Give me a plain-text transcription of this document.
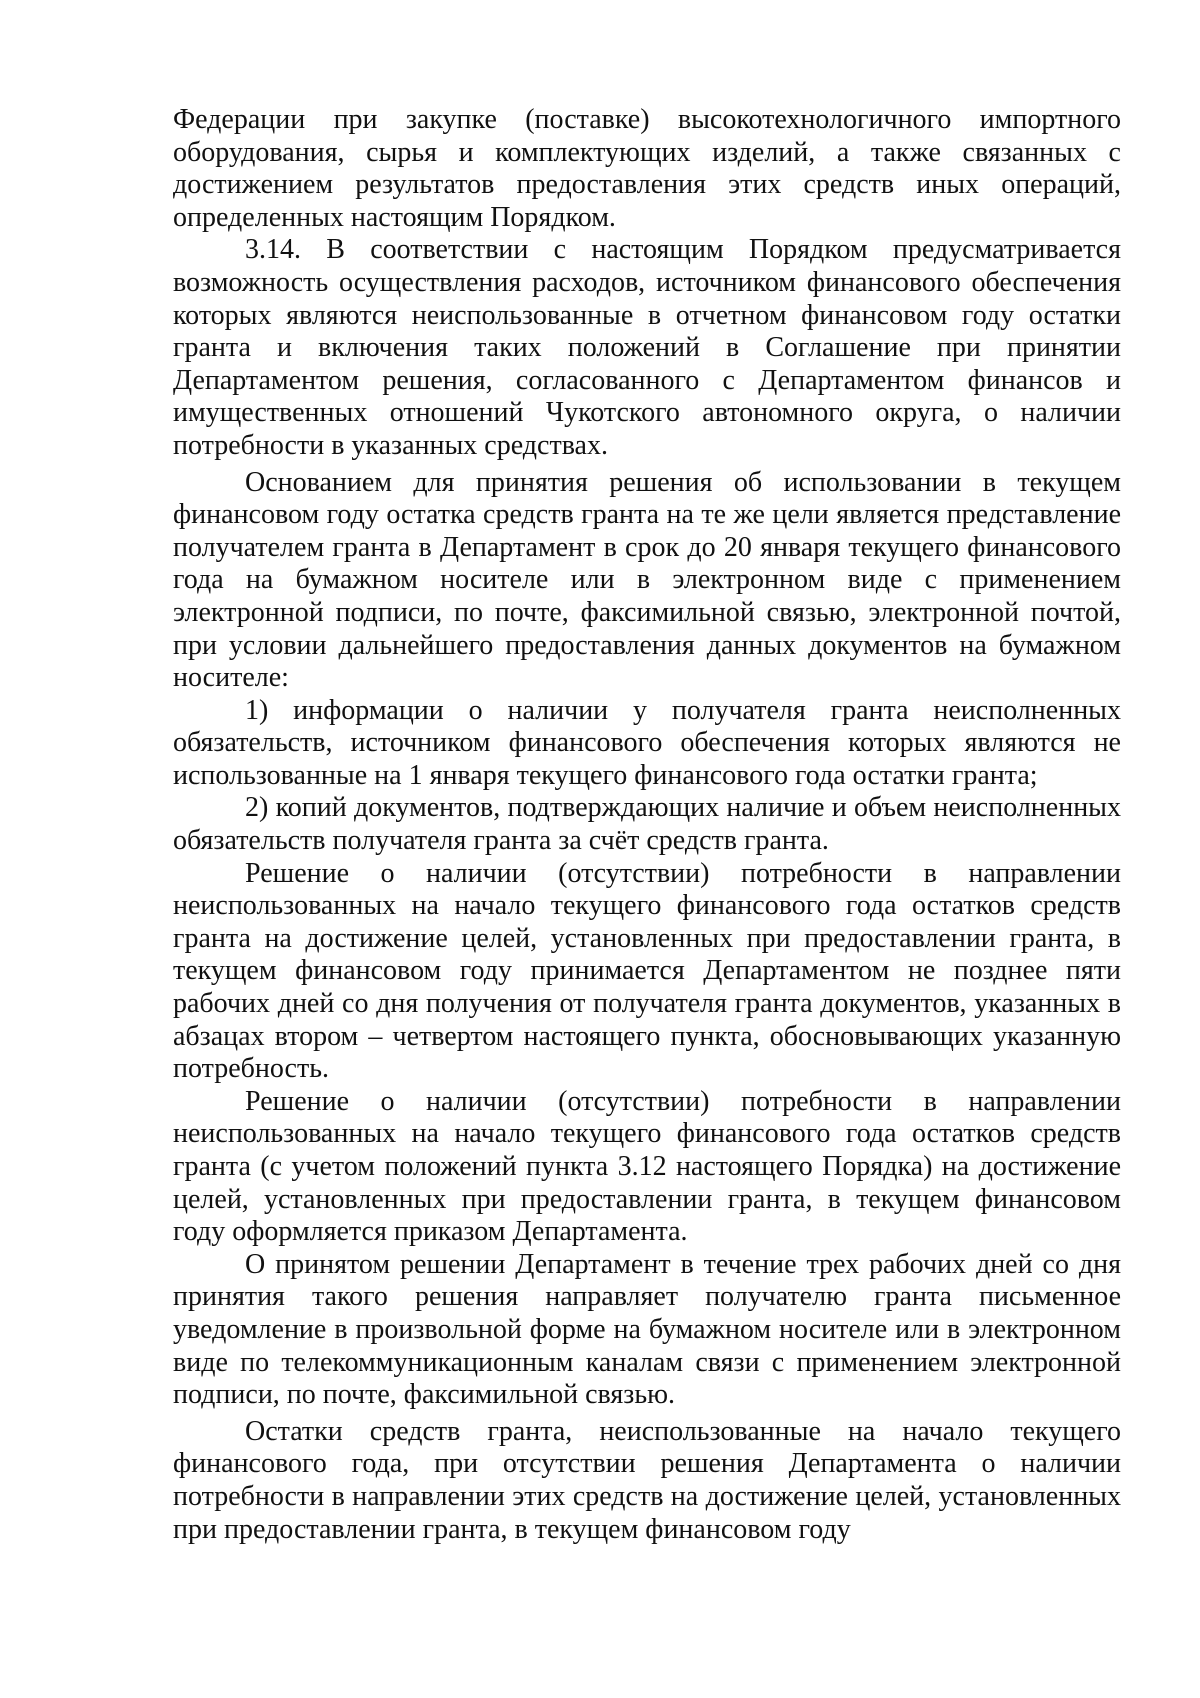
Федерации при закупке (поставке) высокотехнологичного импортного оборудования, сырья и комплектующих изделий, а также связанных с достижением результатов предоставления этих средств иных операций, определенных настоящим Порядком.

3.14. В соответствии с настоящим Порядком предусматривается возможность осуществления расходов, источником финансового обеспечения которых являются неиспользованные в отчетном финансовом году остатки гранта и включения таких положений в Соглашение при принятии Департаментом решения, согласованного с Департаментом финансов и имущественных отношений Чукотского автономного округа, о наличии потребности в указанных средствах.

Основанием для принятия решения об использовании в текущем финансовом году остатка средств гранта на те же цели является представление получателем гранта в Департамент в срок до 20 января текущего финансового года на бумажном носителе или в электронном виде с применением электронной подписи, по почте, факсимильной связью, электронной почтой, при условии дальнейшего предоставления данных документов на бумажном носителе:

1) информации о наличии у получателя гранта неисполненных обязательств, источником финансового обеспечения которых являются не использованные на 1 января текущего финансового года остатки гранта;

2) копий документов, подтверждающих наличие и объем неисполненных обязательств получателя гранта за счёт средств гранта.

Решение о наличии (отсутствии) потребности в направлении неиспользованных на начало текущего финансового года остатков средств гранта на достижение целей, установленных при предоставлении гранта, в текущем финансовом году принимается Департаментом не позднее пяти рабочих дней со дня получения от получателя гранта документов, указанных в абзацах втором – четвертом настоящего пункта, обосновывающих указанную потребность.

Решение о наличии (отсутствии) потребности в направлении неиспользованных на начало текущего финансового года остатков средств гранта (с учетом положений пункта 3.12 настоящего Порядка) на достижение целей, установленных при предоставлении гранта, в текущем финансовом году оформляется приказом Департамента.

О принятом решении Департамент в течение трех рабочих дней со дня принятия такого решения направляет получателю гранта письменное уведомление в произвольной форме на бумажном носителе или в электронном виде по телекоммуникационным каналам связи с применением электронной подписи, по почте, факсимильной связью.

Остатки средств гранта, неиспользованные на начало текущего финансового года, при отсутствии решения Департамента о наличии потребности в направлении этих средств на достижение целей, установленных при предоставлении гранта, в текущем финансовом году
